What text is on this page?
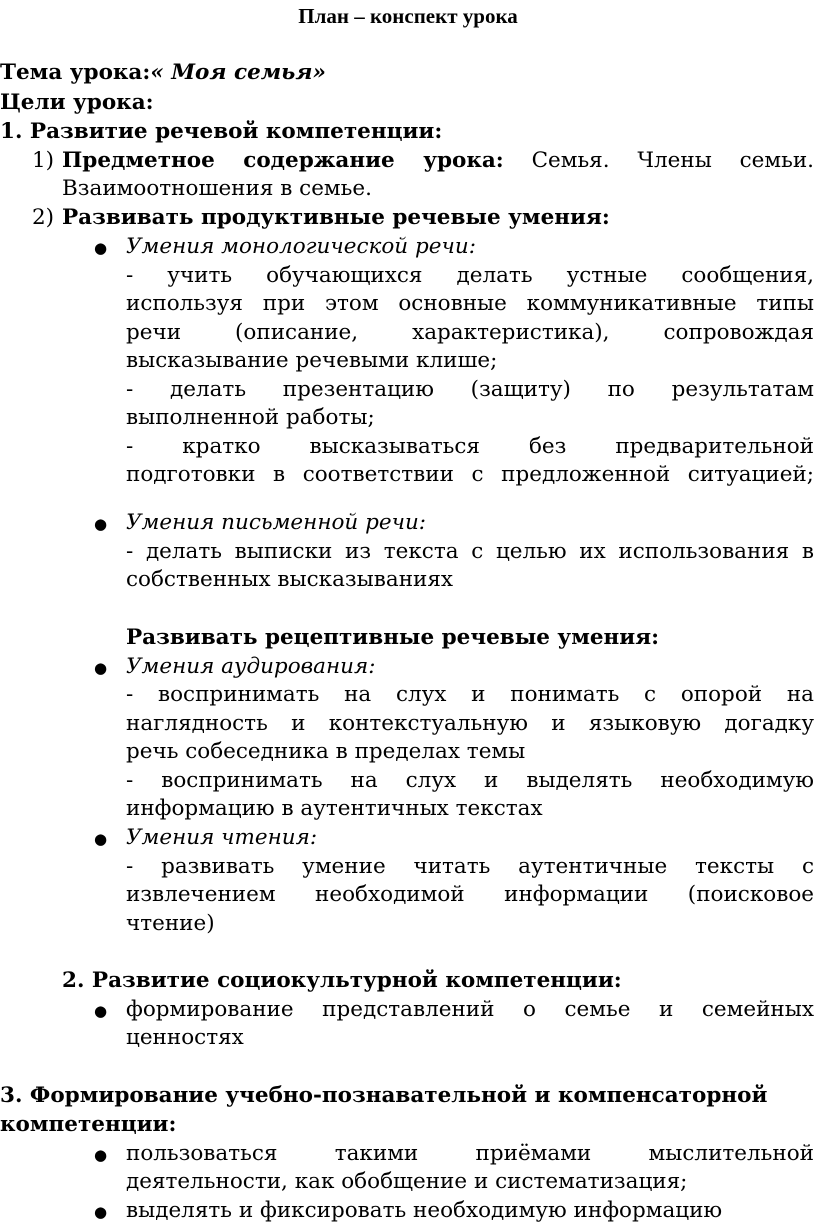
План – конспект урока
Тема урока:« Моя семья»
Цели урока:
1. Развитие речевой компетенции:
1) Предметное содержание урока: Семья. Члены семьи.
Взаимоотношения в семье.
2) Развивать продуктивные речевые умения:
● Умения монологической речи:
- учить обучающихся делать устные сообщения,
используя при этом основные коммуникативные типы
речи (описание, характеристика), сопровождая
высказывание речевыми клише;
- делать презентацию (защиту) по результатам
выполненной работы;
- кратко высказываться без предварительной
подготовки в соответствии с предложенной ситуацией;
● Умения письменной речи:
- делать выписки из текста с целью их использования в
собственных высказываниях
Развивать рецептивные речевые умения:
● Умения аудирования:
- воспринимать на слух и понимать с опорой на
наглядность и контекстуальную и языковую догадку
речь собеседника в пределах темы
- воспринимать на слух и выделять необходимую
информацию в аутентичных текстах
● Умения чтения:
- развивать умение читать аутентичные тексты с
извлечением необходимой информации (поисковое
чтение)
2. Развитие социокультурной компетенции:
● формирование представлений о семье и семейных
ценностях
3. Формирование учебно-познавательной и компенсаторной
компетенции:
● пользоваться такими приёмами мыслительной
деятельности, как обобщение и систематизация;
● выделять и фиксировать необходимую информацию
